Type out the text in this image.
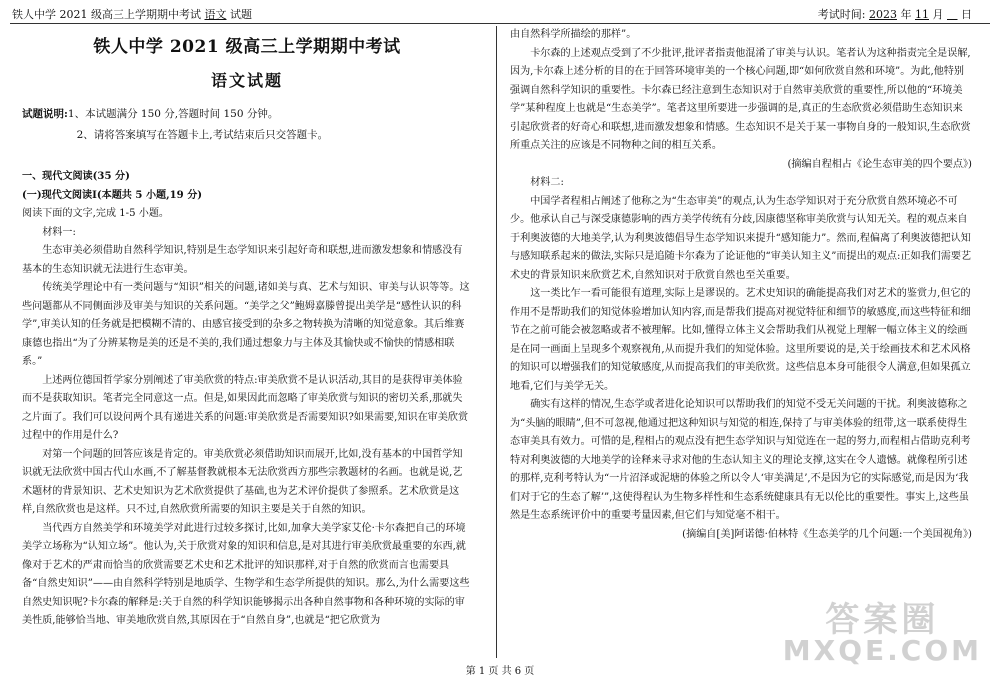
铁人中学 2021 级高三上学期期中考试 语文 试题	考试时间: 2023 年 11 月 日
铁人中学 2021 级高三上学期期中考试
语文试题

试题说明:1、本试题满分 150 分,答题时间 150 分钟。

2、请将答案填写在答题卡上,考试结束后只交答题卡。

一、现代文阅读(35 分)

(一)现代文阅读Ⅰ(本题共 5 小题,19 分)

阅读下面的文字,完成 1-5 小题。

材料一:

生态审美必须借助自然科学知识,特别是生态学知识来引起好奇和联想,进而激发想象和情感没有基本的生态知识就无法进行生态审美。

传统美学理论中有一类问题与“知识”相关的问题,诸如美与真、艺术与知识、审美与认识等等。这些问题都从不同侧面涉及审美与知识的关系问题。“美学之父”鲍姆嘉滕曾提出美学是“感性认识的科学”,审美认知的任务就是把模糊不清的、由感官接受到的杂多之物转换为清晰的知觉意象。其后维赛康德也指出“为了分辨某物是美的还是不美的,我们通过想象力与主体及其愉快或不愉快的情感相联系。”

上述两位德国哲学家分别阐述了审美欣赏的特点:审美欣赏不是认识活动,其目的是获得审美体验而不是获取知识。笔者完全同意这一点。但是,如果因此而忽略了审美欣赏与知识的密切关系,那就失之片面了。我们可以设问两个具有递进关系的问题:审美欣赏是否需要知识?如果需要,知识在审美欣赏过程中的作用是什么?

对第一个问题的回答应该是肯定的。审美欣赏必须借助知识而展开,比如,没有基本的中国哲学知识就无法欣赏中国古代山水画,不了解基督教就根本无法欣赏西方那些宗教题材的名画。也就是说,艺术题材的背景知识、艺术史知识为艺术欣赏提供了基础,也为艺术评价提供了参照系。艺术欣赏是这样,自然欣赏也是这样。只不过,自然欣赏所需要的知识主要是关于自然的知识。

当代西方自然美学和环境美学对此进行过较多探讨,比如,加拿大美学家艾伦·卡尔森把自己的环境美学立场称为“认知立场”。他认为,关于欣赏对象的知识和信息,是对其进行审美欣赏最重要的东西,就像对于艺术的严肃而恰当的欣赏需要艺术史和艺术批评的知识那样,对于自然的欣赏而言也需要具备“自然史知识”——由自然科学特别是地质学、生物学和生态学所提供的知识。那么,为什么需要这些自然史知识呢?卡尔森的解释是:关于自然的科学知识能够揭示出各种自然事物和各种环境的实际的审美性质,能够恰当地、审美地欣赏自然,其原因在于“自然自身”,也就是“把它欣赏为

由自然科学所描绘的那样”。

卡尔森的上述观点受到了不少批评,批评者指责他混淆了审美与认识。笔者认为这种指责完全是误解,因为,卡尔森上述分析的目的在于回答环境审美的一个核心问题,即“如何欣赏自然和环境”。为此,他特别强调自然科学知识的重要性。卡尔森已经注意到生态知识对于自然审美欣赏的重要性,所以他的“环境美学”某种程度上也就是“生态美学”。笔者这里所要进一步强调的是,真正的生态欣赏必须借助生态知识来引起欣赏者的好奇心和联想,进而激发想象和情感。生态知识不是关于某一事物自身的一般知识,生态欣赏所重点关注的应该是不同物种之间的相互关系。

(摘编自程相占《论生态审美的四个要点》)

材料二:

中国学者程相占阐述了他称之为“生态审美”的观点,认为生态学知识对于充分欣赏自然环境必不可少。他承认自己与深受康德影响的西方美学传统有分歧,因康德坚称审美欣赏与认知无关。程的观点来自于利奥波德的大地美学,认为利奥波德倡导生态学知识来提升“感知能力”。然而,程偏离了利奥波德把认知与感知联系起来的做法,实际只是追随卡尔森为了论证他的“审美认知主义”而提出的观点:正如我们需要艺术史的背景知识来欣赏艺术,自然知识对于欣赏自然也至关重要。

这一类比乍一看可能很有道理,实际上是谬误的。艺术史知识的确能提高我们对艺术的鉴赏力,但它的作用不是帮助我们的知觉体验增加认知内容,而是帮我们提高对视觉特征和细节的敏感度,而这些特征和细节在之前可能会被忽略或者不被理解。比如,懂得立体主义会帮助我们从视觉上理解一幅立体主义的绘画是在同一画面上呈现多个观察视角,从而提升我们的知觉体验。这里所要说的是,关于绘画技术和艺术风格的知识可以增强我们的知觉敏感度,从而提高我们的审美欣赏。这些信息本身可能很令人满意,但如果孤立地看,它们与美学无关。

确实有这样的情况,生态学或者进化论知识可以帮助我们的知觉不受无关问题的干扰。利奥波德称之为“头脑的眼睛”,但不可忽视,他通过把这种知识与知觉的相连,保持了与审美体验的纽带,这一联系使得生态审美具有效力。可惜的是,程相占的观点没有把生态学知识与知觉连在一起的努力,而程相占借助克利考特对利奥波德的大地美学的诠释来寻求对他的生态认知主义的理论支撑,这实在令人遗憾。就像程所引述的那样,克利考特认为“一片沼泽或泥塘的体验之所以令人‘审美满足’,不是因为它的实际感觉,而是因为‘我们对于它的生态了解’”,这使得程认为生物多样性和生态系统健康具有无以伦比的重要性。事实上,这些虽然是生态系统评价中的重要考量因素,但它们与知觉毫不相干。

(摘编自[美]阿诺德·伯林特《生态美学的几个问题:一个美国视角》)

第 1 页 共 6 页
答案圈
MXQE.COM
